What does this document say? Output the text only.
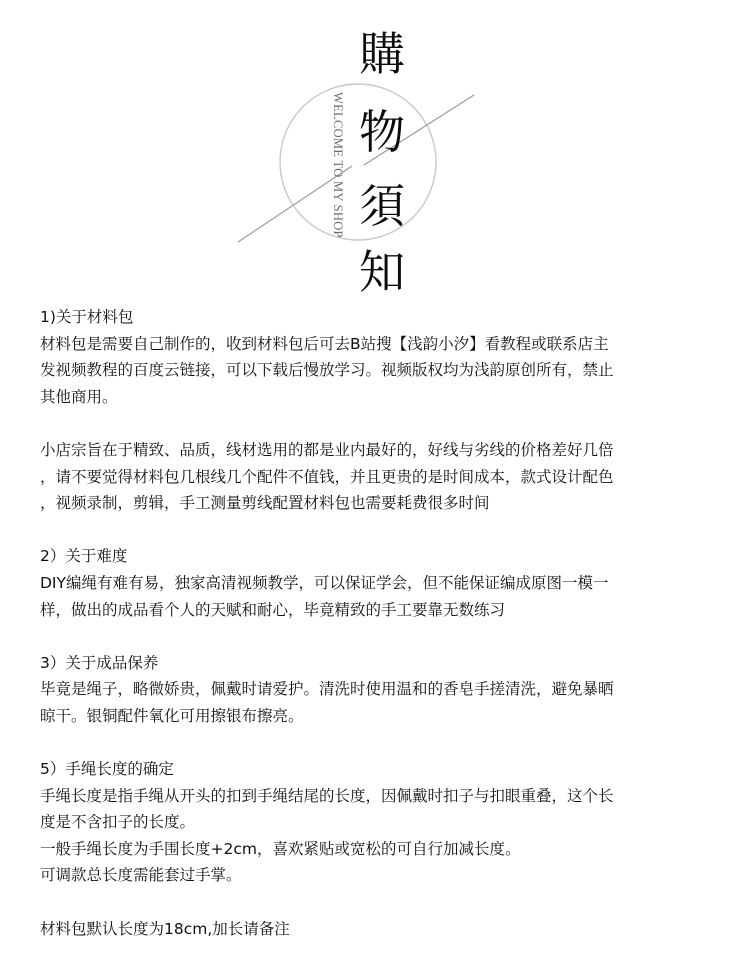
購
物
須
知
WELCOME TO MY SHOP

1)关于材料包

材料包是需要自己制作的，收到材料包后可去B站搜【浅韵小汐】看教程或联系店主

发视频教程的百度云链接，可以下载后慢放学习。视频版权均为浅韵原创所有，禁止

其他商用。

小店宗旨在于精致、品质，线材选用的都是业内最好的，好线与劣线的价格差好几倍

，请不要觉得材料包几根线几个配件不值钱，并且更贵的是时间成本，款式设计配色

，视频录制，剪辑，手工测量剪线配置材料包也需要耗费很多时间

2）关于难度

DIY编绳有难有易，独家高清视频教学，可以保证学会，但不能保证编成原图一模一

样，做出的成品看个人的天赋和耐心，毕竟精致的手工要靠无数练习

3）关于成品保养

毕竟是绳子，略微娇贵，佩戴时请爱护。清洗时使用温和的香皂手搓清洗，避免暴晒

晾干。银铜配件氧化可用擦银布擦亮。

5）手绳长度的确定

手绳长度是指手绳从开头的扣到手绳结尾的长度，因佩戴时扣子与扣眼重叠，这个长

度是不含扣子的长度。

一般手绳长度为手围长度+2cm，喜欢紧贴或宽松的可自行加减长度。

可调款总长度需能套过手掌。

材料包默认长度为18cm,加长请备注
